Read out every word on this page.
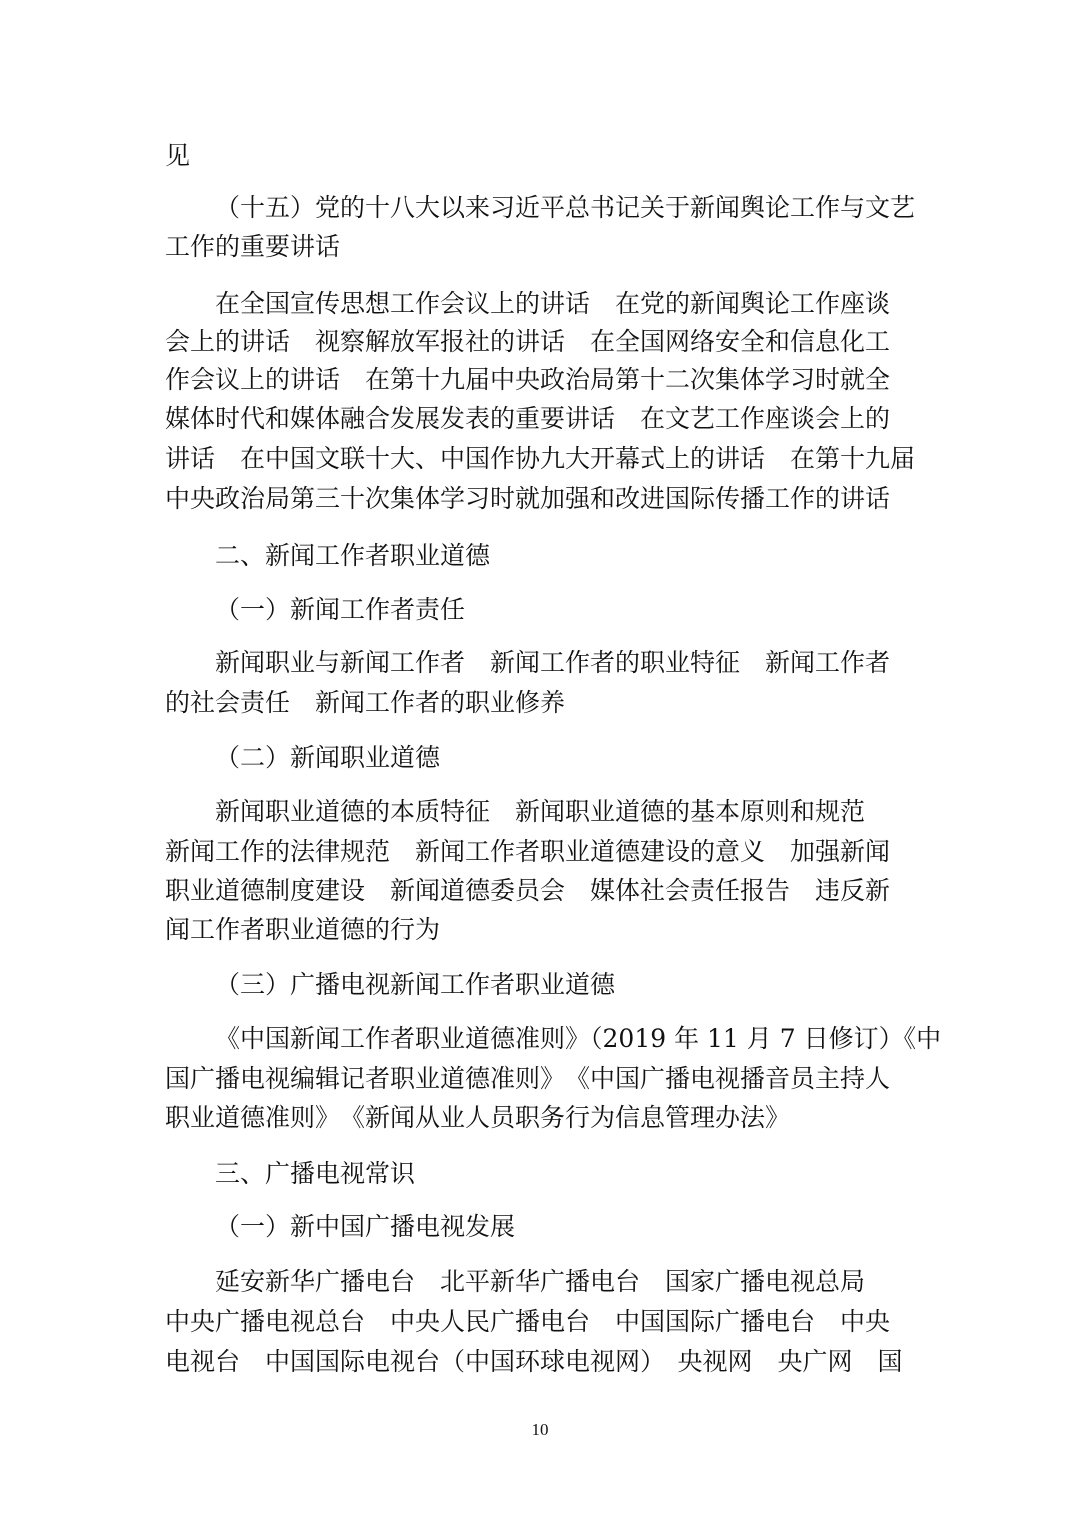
见
（十五）党的十八大以来习近平总书记关于新闻舆论工作与文艺
工作的重要讲话
在全国宣传思想工作会议上的讲话　在党的新闻舆论工作座谈
会上的讲话　视察解放军报社的讲话　在全国网络安全和信息化工
作会议上的讲话　在第十九届中央政治局第十二次集体学习时就全
媒体时代和媒体融合发展发表的重要讲话　在文艺工作座谈会上的
讲话　在中国文联十大、中国作协九大开幕式上的讲话　在第十九届
中央政治局第三十次集体学习时就加强和改进国际传播工作的讲话
二、新闻工作者职业道德
（一）新闻工作者责任
新闻职业与新闻工作者　新闻工作者的职业特征　新闻工作者
的社会责任　新闻工作者的职业修养
（二）新闻职业道德
新闻职业道德的本质特征　新闻职业道德的基本原则和规范
新闻工作的法律规范　新闻工作者职业道德建设的意义　加强新闻
职业道德制度建设　新闻道德委员会　媒体社会责任报告　违反新
闻工作者职业道德的行为
（三）广播电视新闻工作者职业道德
《中国新闻工作者职业道德准则》（2019 年 11 月 7 日修订）《中
国广播电视编辑记者职业道德准则》　《中国广播电视播音员主持人
职业道德准则》　《新闻从业人员职务行为信息管理办法》
三、广播电视常识
（一）新中国广播电视发展
延安新华广播电台　北平新华广播电台　国家广播电视总局
中央广播电视总台　中央人民广播电台　中国国际广播电台　中央
电视台　中国国际电视台（中国环球电视网）　央视网　央广网　国
10
